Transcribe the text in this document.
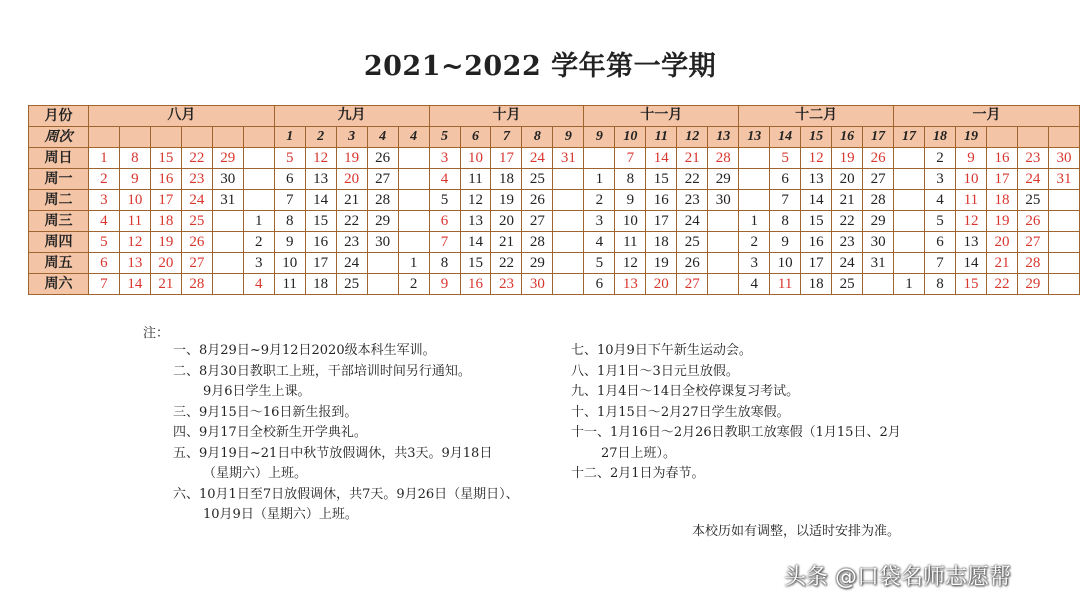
2021~2022 学年第一学期
月份	八月						九月					十月					十一月					十二月					一月					
周次							1	2	3	4	4	5	6	7	8	9	9	10	11	12	13	13	14	15	16	17	17	18	19			
周日	1	8	15	22	29		5	12	19	26		3	10	17	24	31		7	14	21	28		5	12	19	26		2	9	16	23	30
周一	2	9	16	23	30		6	13	20	27		4	11	18	25		1	8	15	22	29		6	13	20	27		3	10	17	24	31
周二	3	10	17	24	31		7	14	21	28		5	12	19	26		2	9	16	23	30		7	14	21	28		4	11	18	25	
周三	4	11	18	25		1	8	15	22	29		6	13	20	27		3	10	17	24		1	8	15	22	29		5	12	19	26	
周四	5	12	19	26		2	9	16	23	30		7	14	21	28		4	11	18	25		2	9	16	23	30		6	13	20	27	
周五	6	13	20	27		3	10	17	24		1	8	15	22	29		5	12	19	26		3	10	17	24	31		7	14	21	28	
周六	7	14	21	28		4	11	18	25		2	9	16	23	30		6	13	20	27		4	11	18	25		1	8	15	22	29	
注：
一、8月29日~9月12日2020级本科生军训。
二、8月30日教职工上班，干部培训时间另行通知。
9月6日学生上课。
三、9月15日～16日新生报到。
四、9月17日全校新生开学典礼。
五、9月19日~21日中秋节放假调休，共3天。9月18日
（星期六）上班。
六、10月1日至7日放假调休，共7天。9月26日（星期日）、
10月9日（星期六）上班。
七、10月9日下午新生运动会。
八、1月1日～3日元旦放假。
九、1月4日～14日全校停课复习考试。
十、1月15日～2月27日学生放寒假。
十一、1月16日～2月26日教职工放寒假（1月15日、2月
27日上班）。
十二、2月1日为春节。
本校历如有调整，以适时安排为准。
头条 @口袋名师志愿帮
